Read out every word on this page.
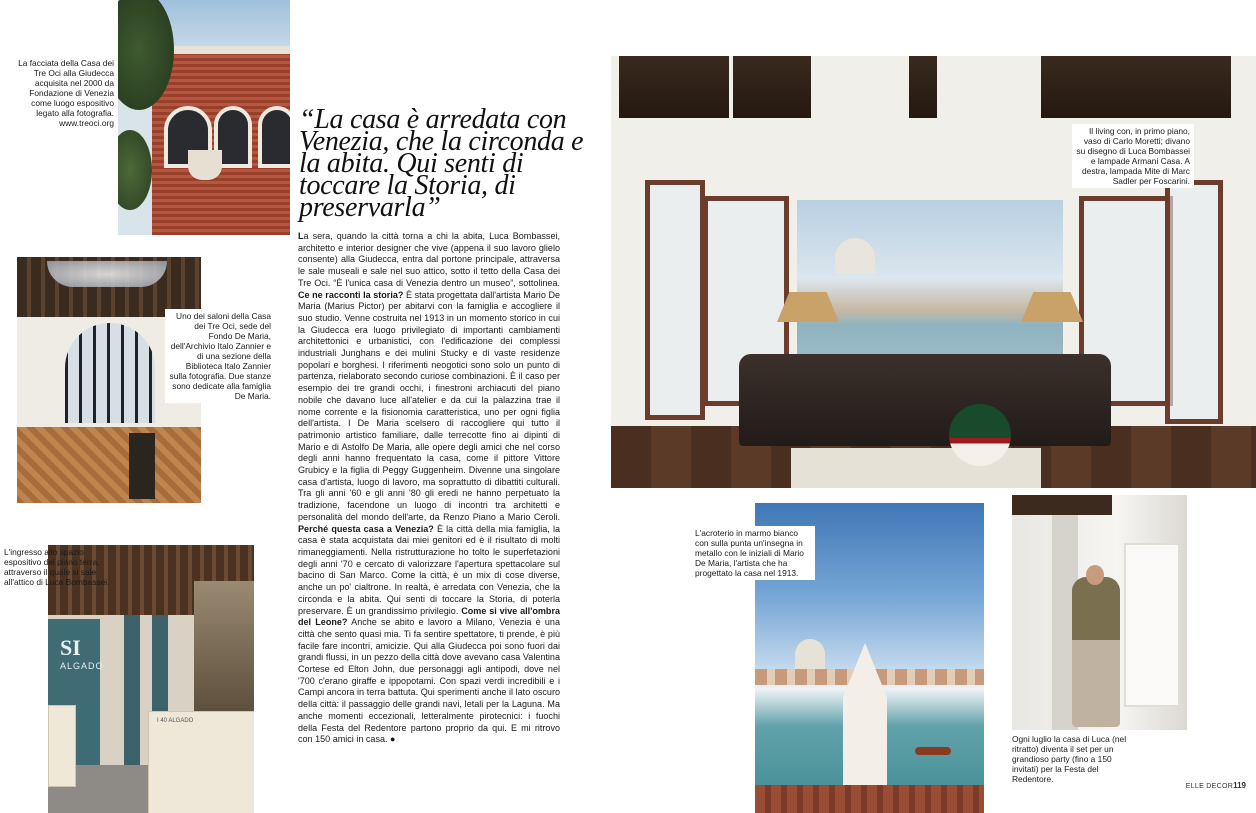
La facciata della Casa dei Tre Oci alla Giudecca acquisita nel 2000 da Fondazione di Venezia come luogo espositivo legato alla fotografia. www.treoci.org
Uno dei saloni della Casa dei Tre Oci, sede del Fondo De Maria, dell'Archivio Italo Zannier e di una sezione della Biblioteca Italo Zannier sulla fotografia. Due stanze sono dedicate alla famiglia De Maria.
SI
ALGADO
I 40 ALGADO
L'ingresso allo spazio espositivo del piano terra, attraverso il quale si sale all'attico di Luca Bombassei.
“La casa è arredata con Venezia, che la circonda e la abita. Qui senti di toccare la Storia, di preservarla”

La sera, quando la città torna a chi la abita, Luca Bombassei, architetto e interior designer che vive (appena il suo lavoro glielo consente) alla Giudecca, entra dal portone principale, attraversa le sale museali e sale nel suo attico, sotto il tetto della Casa dei Tre Oci. “È l'unica casa di Venezia dentro un museo”, sottolinea. Ce ne racconti la storia? È stata progettata dall'artista Mario De Maria (Marius Pictor) per abitarvi con la famiglia e accogliere il suo studio. Venne costruita nel 1913 in un momento storico in cui la Giudecca era luogo privilegiato di importanti cambiamenti architettonici e urbanistici, con l'edificazione dei complessi industriali Junghans e dei mulini Stucky e di vaste residenze popolari e borghesi. I riferimenti neogotici sono solo un punto di partenza, rielaborato secondo curiose combinazioni. È il caso per esempio dei tre grandi occhi, i finestroni archiacuti del piano nobile che davano luce all'atelier e da cui la palazzina trae il nome corrente e la fisionomia caratteristica, uno per ogni figlia dell'artista. I De Maria scelsero di raccogliere qui tutto il patrimonio artistico familiare, dalle terrecotte fino ai dipinti di Mario e di Astolfo De Maria, alle opere degli amici che nel corso degli anni hanno frequentato la casa, come il pittore Vittore Grubicy e la figlia di Peggy Guggenheim. Divenne una singolare casa d'artista, luogo di lavoro, ma soprattutto di dibattiti culturali. Tra gli anni '60 e gli anni '80 gli eredi ne hanno perpetuato la tradizione, facendone un luogo di incontri tra architetti e personalità del mondo dell'arte, da Renzo Piano a Mario Ceroli. Perché questa casa a Venezia? È la città della mia famiglia, la casa è stata acquistata dai miei genitori ed è il risultato di molti rimaneggiamenti. Nella ristrutturazione ho tolto le superfetazioni degli anni '70 e cercato di valorizzare l'apertura spettacolare sul bacino di San Marco. Come la città, è un mix di cose diverse, anche un po' cialtrone. In realtà, è arredata con Venezia, che la circonda e la abita. Qui senti di toccare la Storia, di poterla preservare. È un grandissimo privilegio. Come si vive all'ombra del Leone? Anche se abito e lavoro a Milano, Venezia è una città che sento quasi mia. Ti fa sentire spettatore, ti prende, è più facile fare incontri, amicizie. Qui alla Giudecca poi sono fuori dai grandi flussi, in un pezzo della città dove avevano casa Valentina Cortese ed Elton John, due personaggi agli antipodi, dove nel '700 c'erano giraffe e ippopotami. Con spazi verdi incredibili e i Campi ancora in terra battuta. Qui sperimenti anche il lato oscuro della città: il passaggio delle grandi navi, letali per la Laguna. Ma anche momenti eccezionali, letteralmente pirotecnici: i fuochi della Festa del Redentore partono proprio da qui. E mi ritrovo con 150 amici in casa. ●

Il living con, in primo piano, vaso di Carlo Moretti; divano su disegno di Luca Bombassei e lampade Armani Casa. A destra, lampada Mite di Marc Sadler per Foscarini.
L'acroterio in marmo bianco con sulla punta un'insegna in metallo con le iniziali di Mario De Maria, l'artista che ha progettato la casa nel 1913.
Ogni luglio la casa di Luca (nel ritratto) diventa il set per un grandioso party (fino a 150 invitati) per la Festa del Redentore.
ELLE DECOR119
